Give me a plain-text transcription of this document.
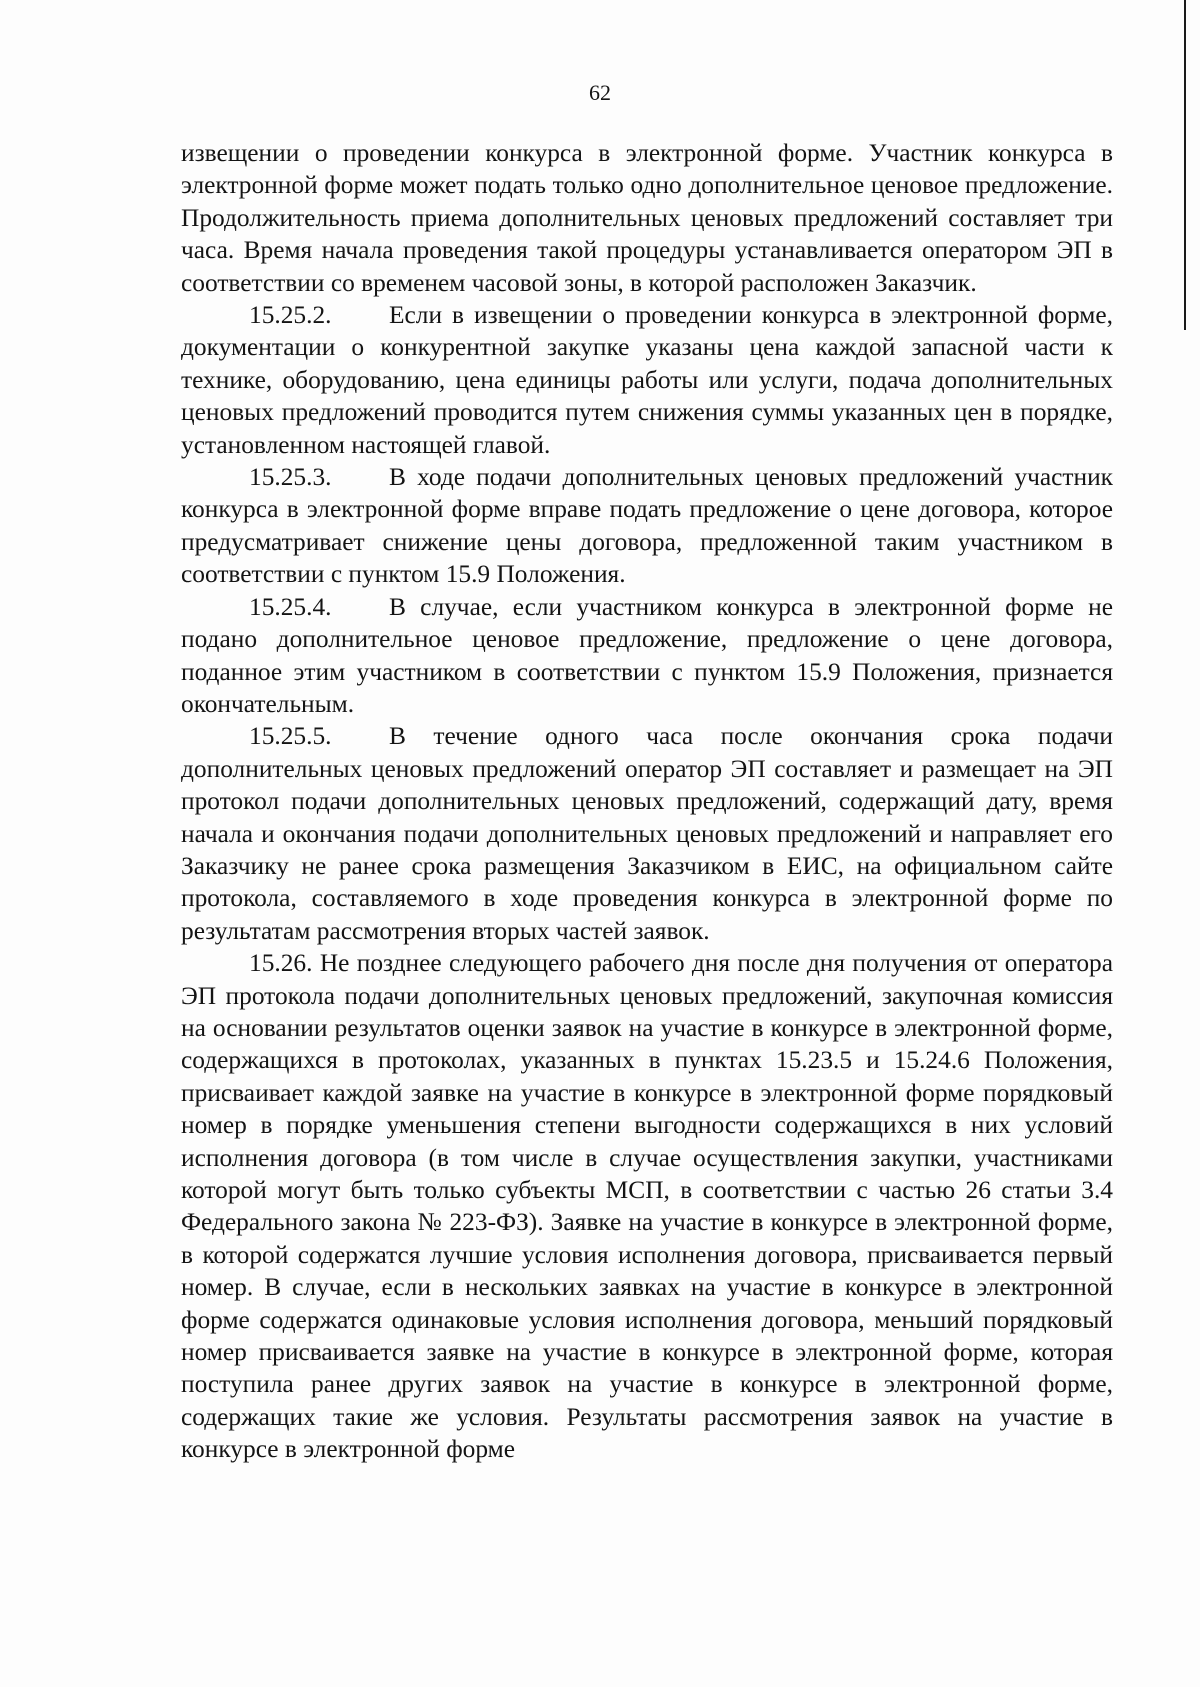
62

извещении о проведении конкурса в электронной форме. Участник конкурса в электронной форме может подать только одно дополнительное ценовое предложение. Продолжительность приема дополнительных ценовых предложений составляет три часа. Время начала проведения такой процедуры устанавливается оператором ЭП в соответствии со временем часовой зоны, в которой расположен Заказчик.

15.25.2. Если в извещении о проведении конкурса в электронной форме, документации о конкурентной закупке указаны цена каждой запасной части к технике, оборудованию, цена единицы работы или услуги, подача дополнительных ценовых предложений проводится путем снижения суммы указанных цен в порядке, установленном настоящей главой.

15.25.3. В ходе подачи дополнительных ценовых предложений участник конкурса в электронной форме вправе подать предложение о цене договора, которое предусматривает снижение цены договора, предложенной таким участником в соответствии с пунктом 15.9 Положения.

15.25.4. В случае, если участником конкурса в электронной форме не подано дополнительное ценовое предложение, предложение о цене договора, поданное этим участником в соответствии с пунктом 15.9 Положения, признается окончательным.

15.25.5. В течение одного часа после окончания срока подачи дополнительных ценовых предложений оператор ЭП составляет и размещает на ЭП протокол подачи дополнительных ценовых предложений, содержащий дату, время начала и окончания подачи дополнительных ценовых предложений и направляет его Заказчику не ранее срока размещения Заказчиком в ЕИС, на официальном сайте протокола, составляемого в ходе проведения конкурса в электронной форме по результатам рассмотрения вторых частей заявок.

15.26. Не позднее следующего рабочего дня после дня получения от оператора ЭП протокола подачи дополнительных ценовых предложений, закупочная комиссия на основании результатов оценки заявок на участие в конкурсе в электронной форме, содержащихся в протоколах, указанных в пунктах 15.23.5 и 15.24.6 Положения, присваивает каждой заявке на участие в конкурсе в электронной форме порядковый номер в порядке уменьшения степени выгодности содержащихся в них условий исполнения договора (в том числе в случае осуществления закупки, участниками которой могут быть только субъекты МСП, в соответствии с частью 26 статьи 3.4 Федерального закона № 223-ФЗ). Заявке на участие в конкурсе в электронной форме, в которой содержатся лучшие условия исполнения договора, присваивается первый номер. В случае, если в нескольких заявках на участие в конкурсе в электронной форме содержатся одинаковые условия исполнения договора, меньший порядковый номер присваивается заявке на участие в конкурсе в электронной форме, которая поступила ранее других заявок на участие в конкурсе в электронной форме, содержащих такие же условия. Результаты рассмотрения заявок на участие в конкурсе в электронной форме
